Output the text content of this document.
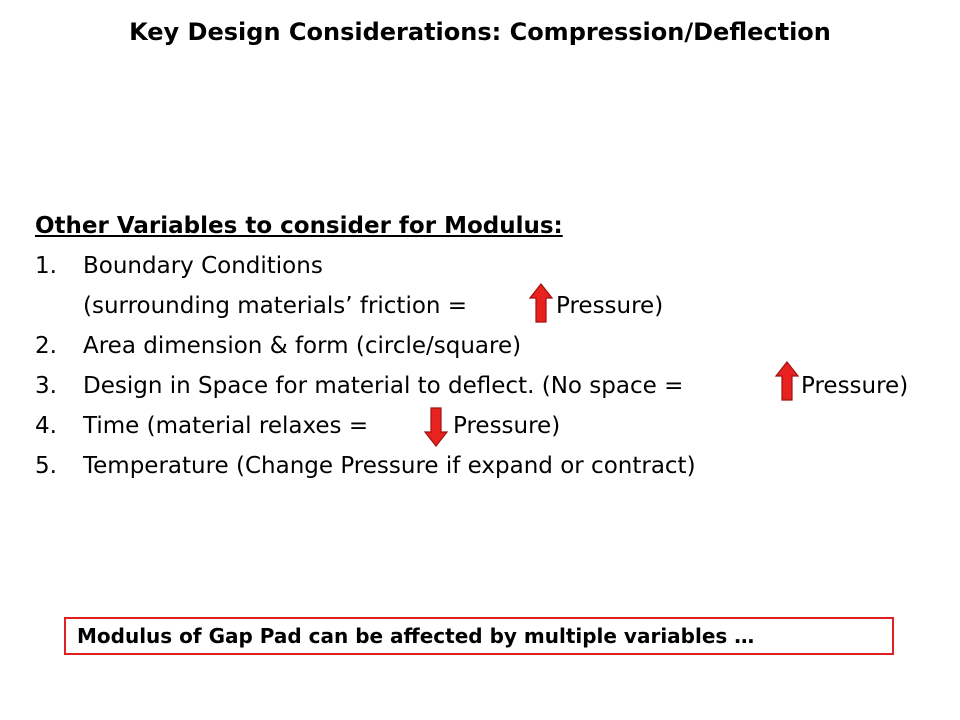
Key Design Considerations: Compression/Deflection
Other Variables to consider for Modulus:
1. Boundary Conditions
(surrounding materials’ friction =	Pressure)
2. Area dimension & form (circle/square)
3. Design in Space for material to deflect. (No space =	Pressure)
4. Time (material relaxes =	Pressure)
5. Temperature (Change Pressure if expand or contract)
Modulus of Gap Pad can be affected by multiple variables …
